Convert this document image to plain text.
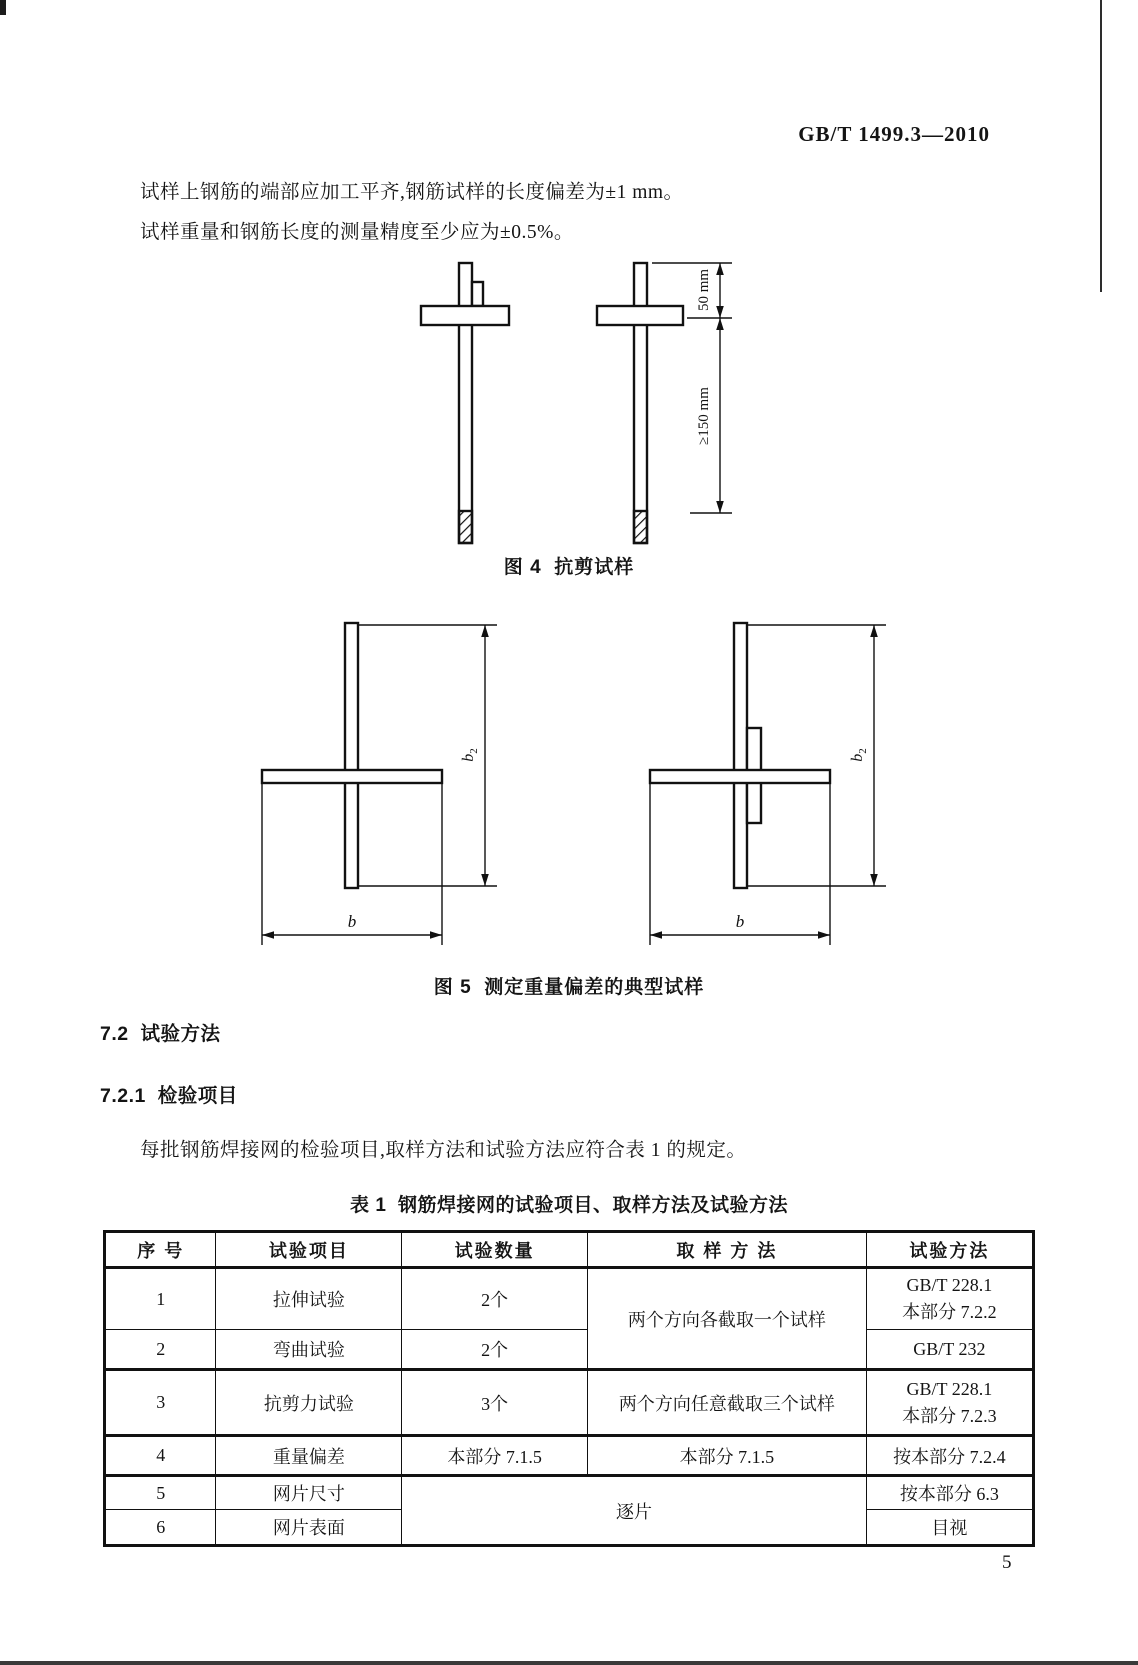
GB/T 1499.3—2010
试样上钢筋的端部应加工平齐,钢筋试样的长度偏差为±1 mm。
试样重量和钢筋长度的测量精度至少应为±0.5%。
50 mm
≥150 mm
图 4  抗剪试样
$b_2$
b
$b_2$
b
图 5  测定重量偏差的典型试样
7.2  试验方法
7.2.1  检验项目
每批钢筋焊接网的检验项目,取样方法和试验方法应符合表 1 的规定。
表 1  钢筋焊接网的试验项目、取样方法及试验方法
序 号	试验项目	试验数量	取 样 方 法	试验方法
1	拉伸试验	2个	两个方向各截取一个试样	GB/T 228.1
本部分 7.2.2

2	弯曲试验	2个		GB/T 232
3	抗剪力试验	3个	两个方向任意截取三个试样	GB/T 228.1
本部分 7.2.3

4	重量偏差	本部分 7.1.5	本部分 7.1.5	按本部分 7.2.4
5	网片尺寸	逐片		按本部分 6.3
6	网片表面			目视
5
